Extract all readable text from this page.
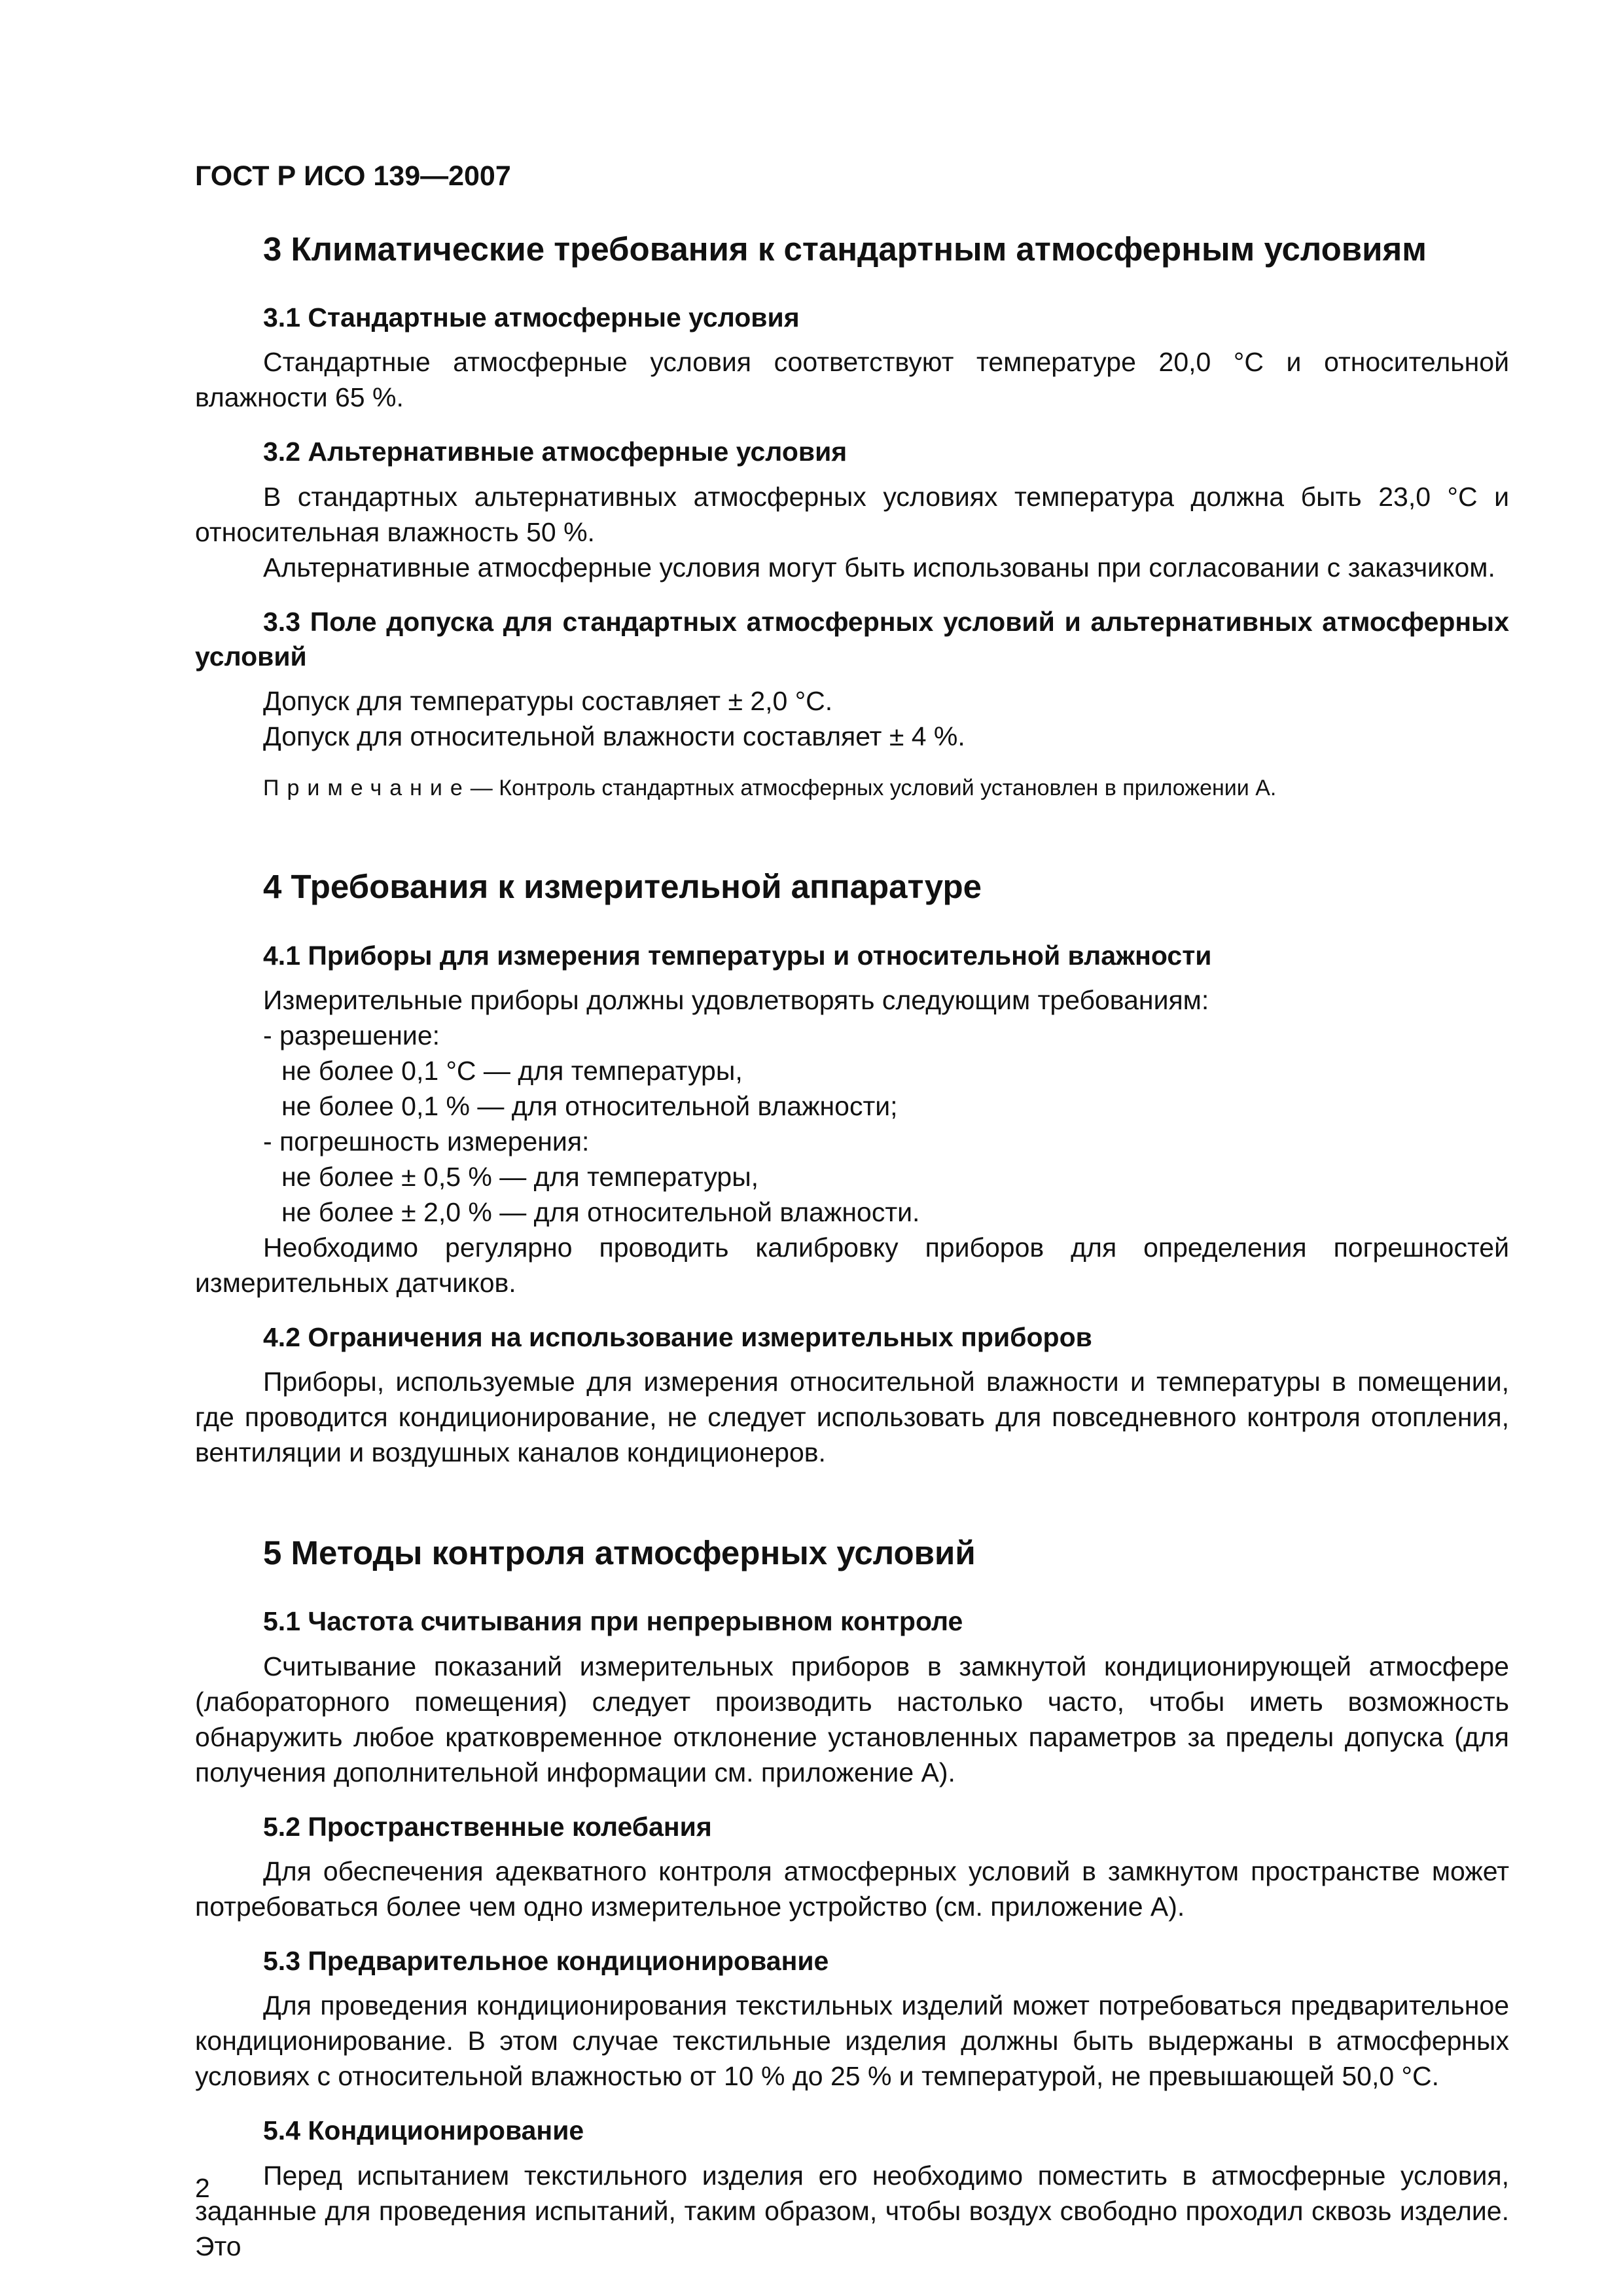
ГОСТ Р ИСО 139—2007
3 Климатические требования к стандартным атмосферным условиям
3.1 Стандартные атмосферные условия

Стандартные атмосферные условия соответствуют температуре 20,0 °С и относительной влажности 65 %.

3.2 Альтернативные атмосферные условия

В стандартных альтернативных атмосферных условиях температура должна быть 23,0 °С и относительная влажность 50 %.

Альтернативные атмосферные условия могут быть использованы при согласовании с заказчиком.

3.3 Поле допуска для стандартных атмосферных условий и альтернативных атмосферных условий
Допуск для температуры составляет ± 2,0 °С.
Допуск для относительной влажности составляет ± 4 %.
Примечание— Контроль стандартных атмосферных условий установлен в приложении А.
4 Требования к измерительной аппаратуре
4.1 Приборы для измерения температуры и относительной влажности
Измерительные приборы должны удовлетворять следующим требованиям:
- разрешение:
не более 0,1 °С — для температуры,
не более 0,1 % — для относительной влажности;
- погрешность измерения:
не более ± 0,5 % — для температуры,
не более ± 2,0 % — для относительной влажности.

Необходимо регулярно проводить калибровку приборов для определения погрешностей измерительных датчиков.

4.2 Ограничения на использование измерительных приборов

Приборы, используемые для измерения относительной влажности и температуры в помещении, где проводится кондиционирование, не следует использовать для повседневного контроля отопления, вентиляции и воздушных каналов кондиционеров.

5 Методы контроля атмосферных условий
5.1 Частота считывания при непрерывном контроле

Считывание показаний измерительных приборов в замкнутой кондиционирующей атмосфере (лабораторного помещения) следует производить настолько часто, чтобы иметь возможность обнаружить любое кратковременное отклонение установленных параметров за пределы допуска (для получения дополнительной информации см. приложение А).

5.2 Пространственные колебания

Для обеспечения адекватного контроля атмосферных условий в замкнутом пространстве может потребоваться более чем одно измерительное устройство (см. приложение А).

5.3 Предварительное кондиционирование

Для проведения кондиционирования текстильных изделий может потребоваться предварительное кондиционирование. В этом случае текстильные изделия должны быть выдержаны в атмосферных условиях с относительной влажностью от 10 % до 25 % и температурой, не превышающей 50,0 °С.

5.4 Кондиционирование

Перед испытанием текстильного изделия его необходимо поместить в атмосферные условия, заданные для проведения испытаний, таким образом, чтобы воздух свободно проходил сквозь изделие. Это

2
